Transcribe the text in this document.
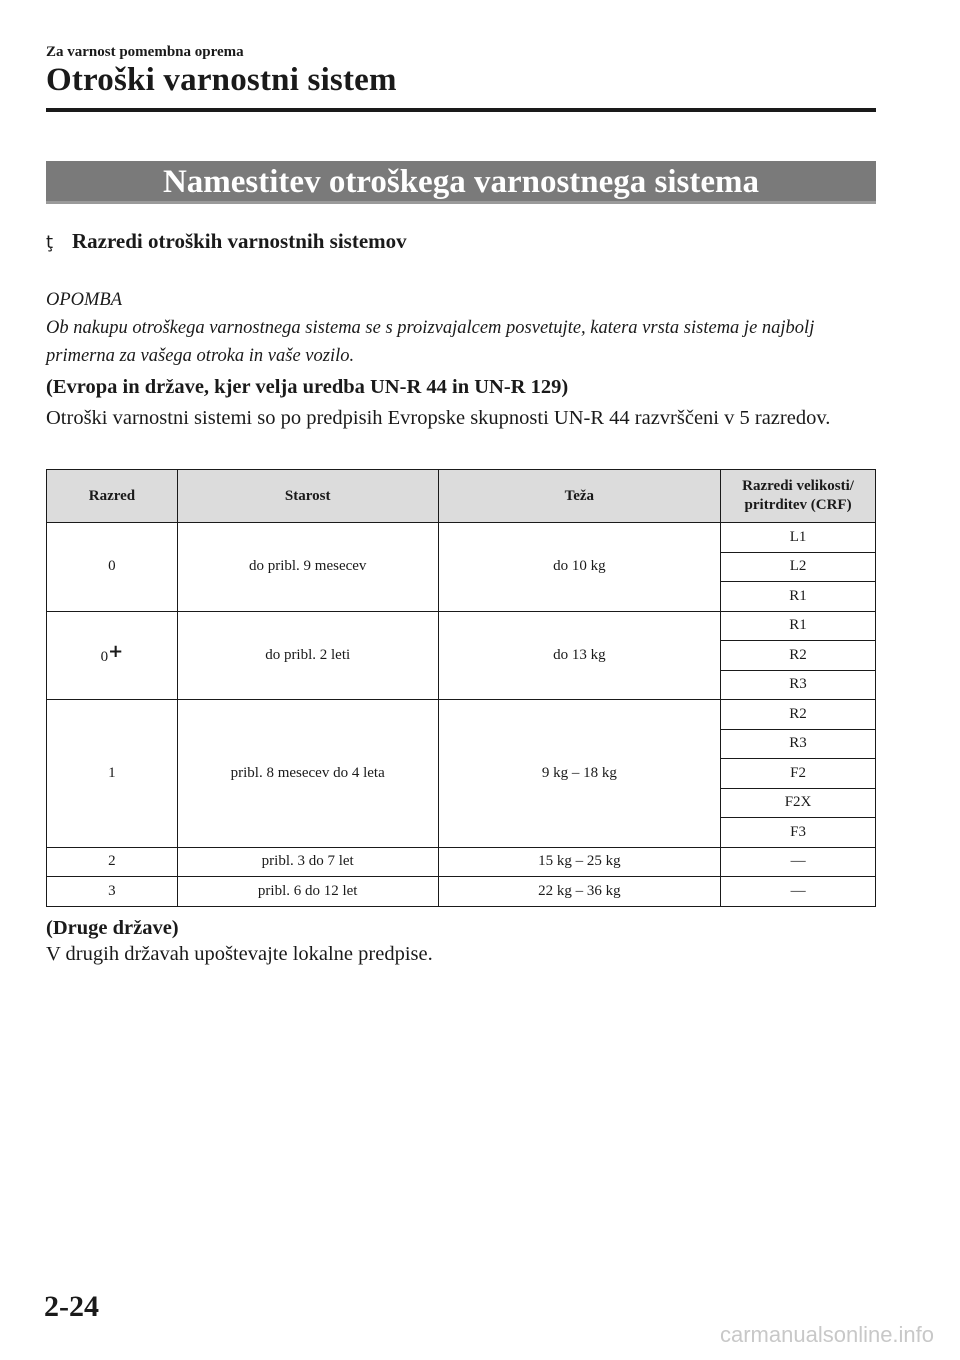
Za varnost pomembna oprema
Otroški varnostni sistem
Namestitev otroškega varnostnega sistema
ţ Razredi otroških varnostnih sistemov
OPOMBA
Ob nakupu otroškega varnostnega sistema se s proizvajalcem posvetujte, katera vrsta sistema je najbolj primerna za vašega otroka in vaše vozilo.
(Evropa in države, kjer velja uredba UN-R 44 in UN-R 129)
Otroški varnostni sistemi so po predpisih Evropske skupnosti UN-R 44 razvrščeni v 5 razredov.
Razred	Starost	Teža	Razredi velikosti/ pritrditev (CRF)
0	do pribl. 9 mesecev	do 10 kg	L1
			L2
			R1
0+	do pribl. 2 leti	do 13 kg	R1
			R2
			R3
1	pribl. 8 mesecev do 4 leta	9 kg – 18 kg	R2
			R3
			F2
			F2X
			F3
2	pribl. 3 do 7 let	15 kg – 25 kg	—
3	pribl. 6 do 12 let	22 kg – 36 kg	—
(Druge države)
V drugih državah upoštevajte lokalne predpise.
2-24
carmanualsonline.info
